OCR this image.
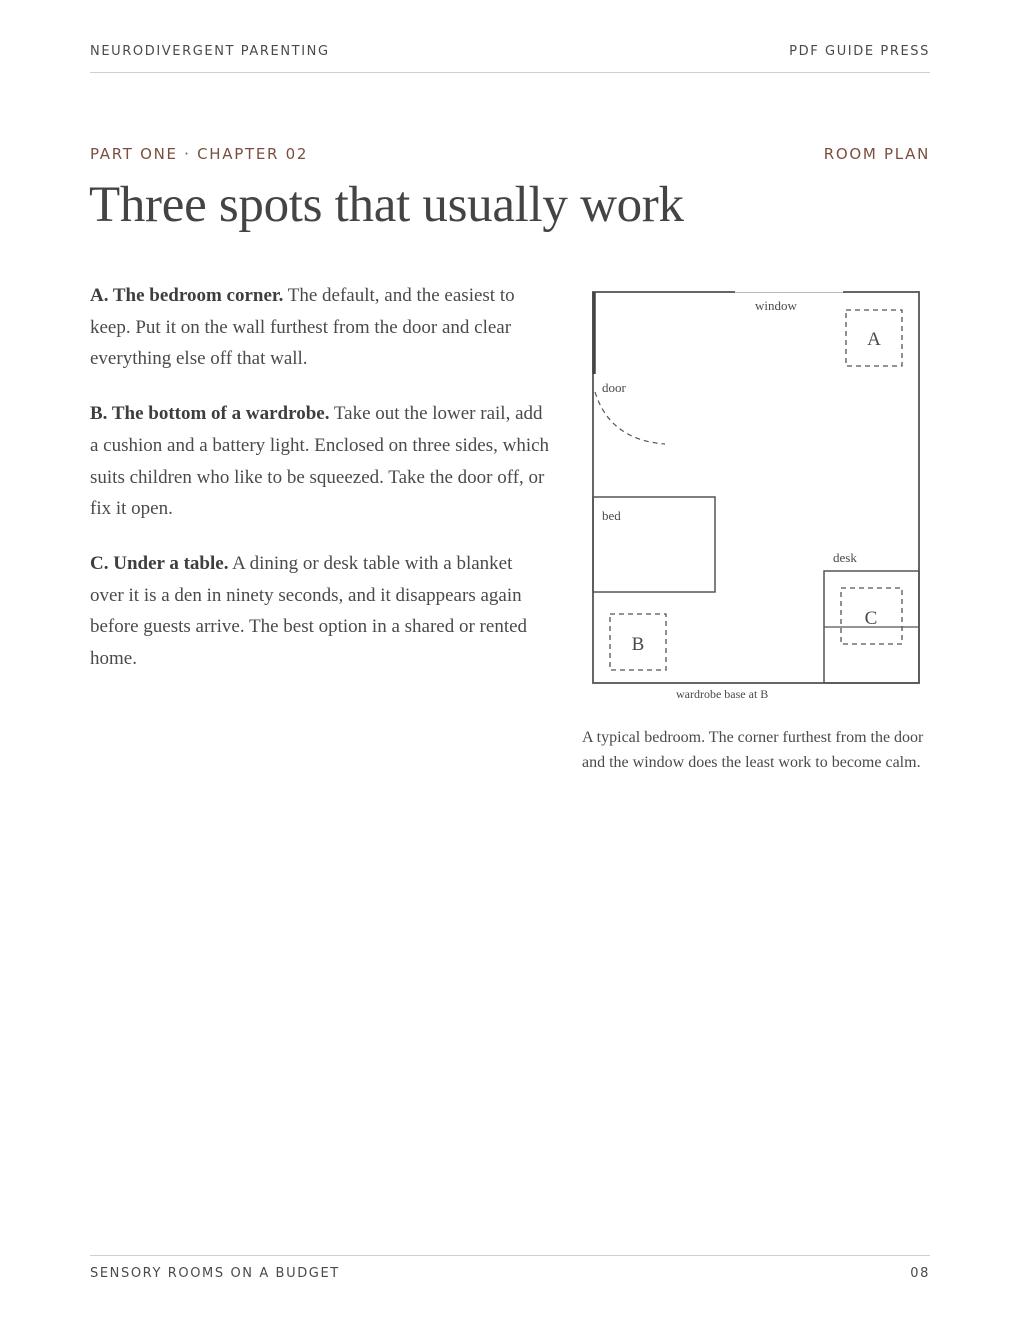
NEURODIVERGENT PARENTING	PDF GUIDE PRESS
PART ONE · CHAPTER 02	ROOM PLAN
Three spots that usually work

A. The bedroom corner. The default, and the easiest to keep. Put it on the wall furthest from the door and clear everything else off that wall.

B. The bottom of a wardrobe. Take out the lower rail, add a cushion and a battery light. Enclosed on three sides, which suits children who like to be squeezed. Take the door off, or fix it open.

C. Under a table. A dining or desk table with a blanket over it is a den in ninety seconds, and it disappears again before guests arrive. The best option in a shared or rented home.

window
door
A
bed
desk
C
B
wardrobe base at B

A typical bedroom. The corner furthest from the door and the window does the least work to become calm.

SENSORY ROOMS ON A BUDGET	08
